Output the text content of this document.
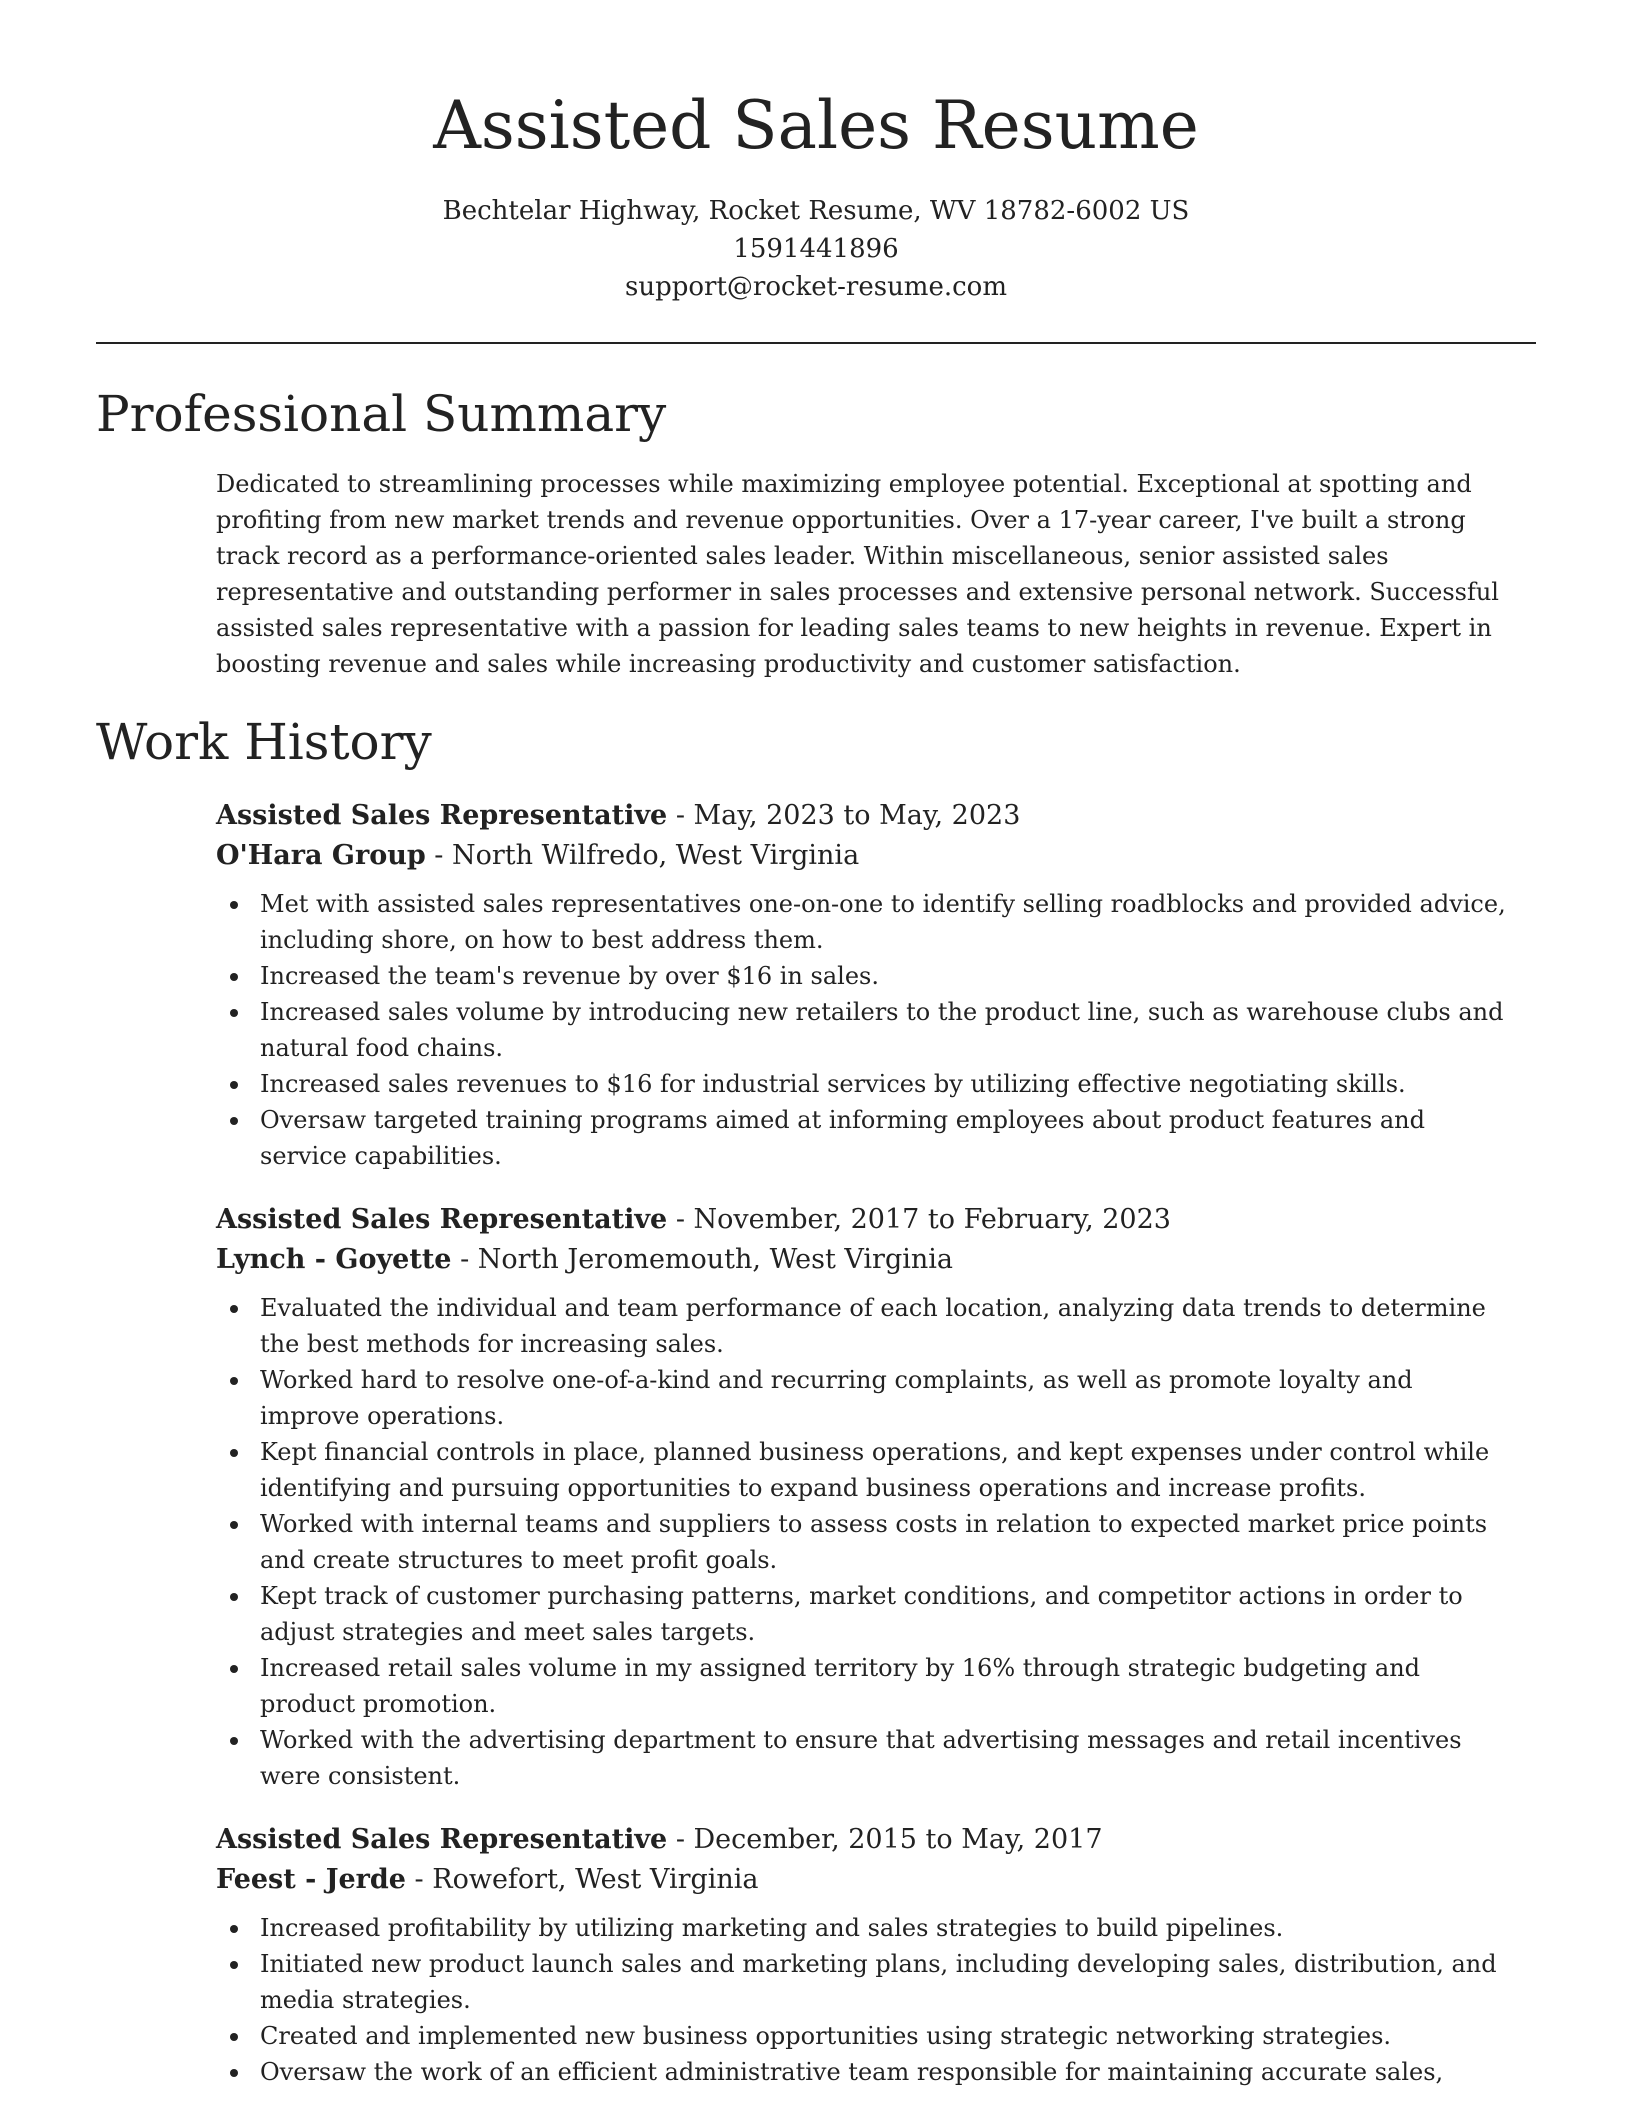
Assisted Sales Resume
Bechtelar Highway, Rocket Resume, WV 18782-6002 US
1591441896
support@rocket-resume.com
Professional Summary

Dedicated to streamlining processes while maximizing employee potential. Exceptional at spotting and profiting from new market trends and revenue opportunities. Over a 17-year career, I've built a strong track record as a performance-oriented sales leader. Within miscellaneous, senior assisted sales representative and outstanding performer in sales processes and extensive personal network. Successful assisted sales representative with a passion for leading sales teams to new heights in revenue. Expert in boosting revenue and sales while increasing productivity and customer satisfaction.

Work History
Assisted Sales Representative - May, 2023 to May, 2023
O'Hara Group - North Wilfredo, West Virginia
Met with assisted sales representatives one-on-one to identify selling roadblocks and provided advice, including shore, on how to best address them.
Increased the team's revenue by over $16 in sales.
Increased sales volume by introducing new retailers to the product line, such as warehouse clubs and natural food chains.
Increased sales revenues to $16 for industrial services by utilizing effective negotiating skills.
Oversaw targeted training programs aimed at informing employees about product features and service capabilities.
Assisted Sales Representative - November, 2017 to February, 2023
Lynch - Goyette - North Jeromemouth, West Virginia
Evaluated the individual and team performance of each location, analyzing data trends to determine the best methods for increasing sales.
Worked hard to resolve one-of-a-kind and recurring complaints, as well as promote loyalty and improve operations.
Kept financial controls in place, planned business operations, and kept expenses under control while identifying and pursuing opportunities to expand business operations and increase profits.
Worked with internal teams and suppliers to assess costs in relation to expected market price points and create structures to meet profit goals.
Kept track of customer purchasing patterns, market conditions, and competitor actions in order to adjust strategies and meet sales targets.
Increased retail sales volume in my assigned territory by 16% through strategic budgeting and product promotion.
Worked with the advertising department to ensure that advertising messages and retail incentives were consistent.
Assisted Sales Representative - December, 2015 to May, 2017
Feest - Jerde - Rowefort, West Virginia
Increased profitability by utilizing marketing and sales strategies to build pipelines.
Initiated new product launch sales and marketing plans, including developing sales, distribution, and media strategies.
Created and implemented new business opportunities using strategic networking strategies.
Oversaw the work of an efficient administrative team responsible for maintaining accurate sales,
